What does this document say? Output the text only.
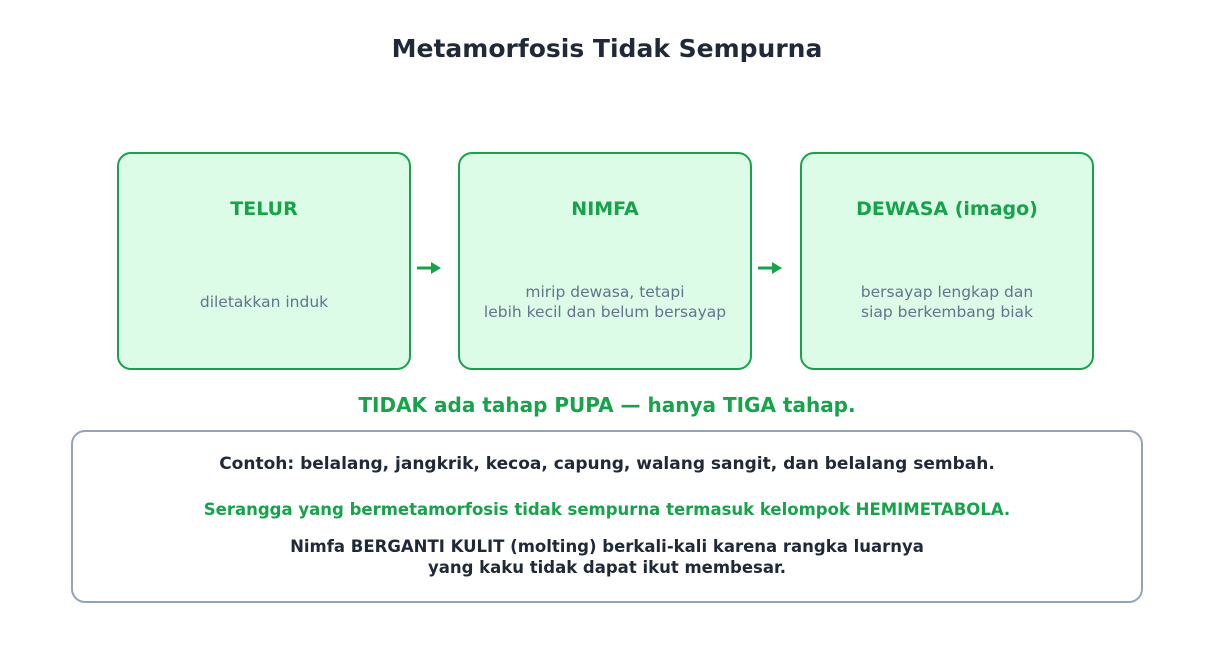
Metamorfosis Tidak Sempurna
TELUR
diletakkan induk
NIMFA
mirip dewasa, tetapi
lebih kecil dan belum bersayap
DEWASA (imago)
bersayap lengkap dan
siap berkembang biak
TIDAK ada tahap PUPA — hanya TIGA tahap.
Contoh: belalang, jangkrik, kecoa, capung, walang sangit, dan belalang sembah.
Serangga yang bermetamorfosis tidak sempurna termasuk kelompok HEMIMETABOLA.
Nimfa BERGANTI KULIT (molting) berkali-kali karena rangka luarnya
yang kaku tidak dapat ikut membesar.
